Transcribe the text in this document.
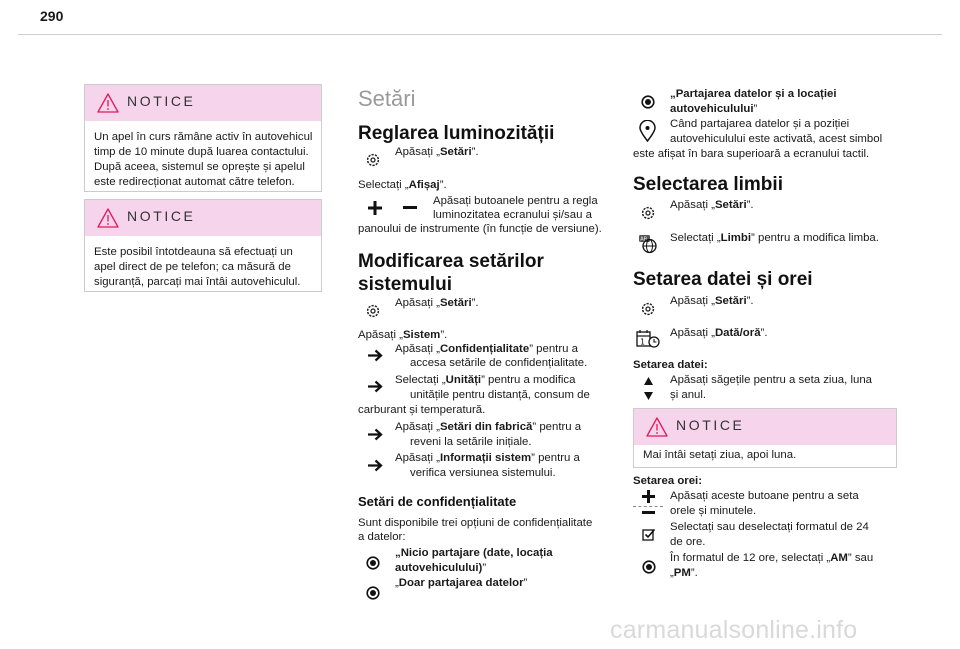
290
NOTICE
Un apel în curs rămâne activ în autovehicul timp de 10 minute după luarea contactului. După aceea, sistemul se oprește și apelul este redirecționat automat către telefon.
NOTICE
Este posibil întotdeauna să efectuați un apel direct de pe telefon; ca măsură de siguranță, parcați mai întâi autovehiculul.
Setări
Reglarea luminozității
Apăsați „Setări”.
Selectați „Afișaj”.
Apăsați butoanele pentru a regla
luminozitatea ecranului și/sau a
panoului de instrumente (în funcție de versiune).
Modificarea setărilor
sistemului
Apăsați „Setări”.
Apăsați „Sistem”.
Apăsați „Confidențialitate” pentru a
accesa setările de confidențialitate.
Selectați „Unități” pentru a modifica
unitățile pentru distanță, consum de
carburant și temperatură.
Apăsați „Setări din fabrică” pentru a
reveni la setările inițiale.
Apăsați „Informații sistem” pentru a
verifica versiunea sistemului.
Setări de confidențialitate
Sunt disponibile trei opțiuni de confidențialitate
a datelor:
„Nicio partajare (date, locația
autovehiculului)”
„Doar partajarea datelor”
„Partajarea datelor și a locației
autovehiculului”
Când partajarea datelor și a poziției
autovehiculului este activată, acest simbol
este afișat în bara superioară a ecranului tactil.
Selectarea limbii
Apăsați „Setări”.
AB Selectați „Limbi” pentru a modifica limba.
Setarea datei și orei
Apăsați „Setări”.
1
Apăsați „Dată/oră”.
Setarea datei:
Apăsați săgețile pentru a seta ziua, luna
și anul.
NOTICE
Mai întâi setați ziua, apoi luna.
Setarea orei:
Apăsați aceste butoane pentru a seta
orele și minutele.
Selectați sau deselectați formatul de 24
de ore.
În formatul de 12 ore, selectați „AM” sau
„PM”.
carmanualsonline.info
